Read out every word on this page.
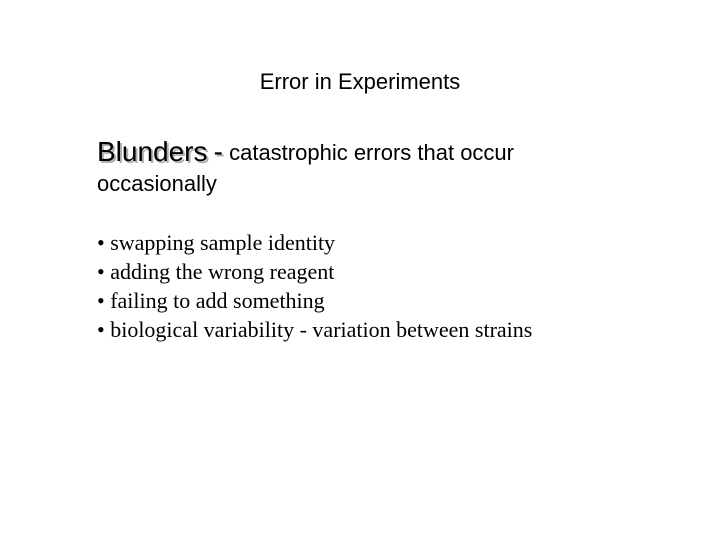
Error in Experiments
Blunders - catastrophic errors that occur
occasionally
• swapping sample identity
• adding the wrong reagent
• failing to add something
• biological variability - variation between strains
